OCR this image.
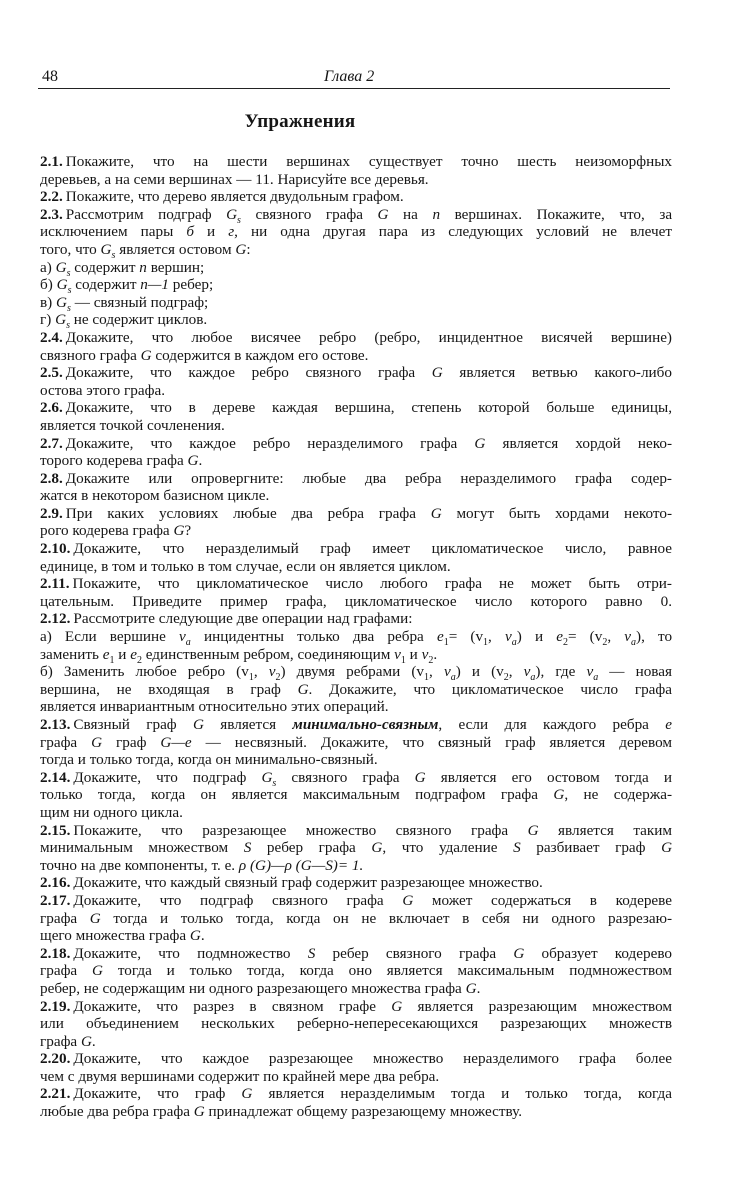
48	Глава 2
Упражнения
2.1. Покажите, что на шести вершинах существует точно шесть неизоморфных
деревьев, а на семи вершинах — 11. Нарисуйте все деревья.
2.2. Покажите, что дерево является двудольным графом.
2.3. Рассмотрим подграф $G_s$ связного графа G на n вершинах. Покажите, что, за
исключением пары б и г, ни одна другая пара из следующих условий не влечет
того, что $G_s$ является остовом G:
а) $G_s$ содержит n вершин;
б) $G_s$ содержит n—1 ребер;
в) $G_s$ — связный подграф;
г) $G_s$ не содержит циклов.
2.4. Докажите, что любое висячее ребро (ребро, инцидентное висячей вершине)
связного графа G содержится в каждом его остове.
2.5. Докажите, что каждое ребро связного графа G является ветвью какого-либо
остова этого графа.
2.6. Докажите, что в дереве каждая вершина, степень которой больше единицы,
является точкой сочленения.
2.7. Докажите, что каждое ребро неразделимого графа G является хордой неко-
торого кодерева графа G.
2.8. Докажите или опровергните: любые два ребра неразделимого графа содер-
жатся в некотором базисном цикле.
2.9. При каких условиях любые два ребра графа G могут быть хордами некото-
рого кодерева графа G?
2.10. Докажите, что неразделимый граф имеет цикломатическое число, равное
единице, в том и только в том случае, если он является циклом.
2.11. Покажите, что цикломатическое число любого графа не может быть отри-
цательным. Приведите пример графа, цикломатическое число которого равно 0.
2.12. Рассмотрите следующие две операции над графами:
а) Если вершине $v_a$ инцидентны только два ребра $e_1= (v_1$, $v_a$) и $e_2= (v_2$, $v_a$), то
заменить $e_1$ и $e_2$ единственным ребром, соединяющим $v_1$ и $v_2$.
б) Заменить любое ребро ($v_1$, $v_2$) двумя ребрами ($v_1$, $v_a$) и ($v_2$, $v_a$), где $v_a$ — новая
вершина, не входящая в граф G. Докажите, что цикломатическое число графа
является инвариантным относительно этих операций.
2.13. Связный граф G является минимально-связным, если для каждого ребра e
графа G граф G—e — несвязный. Докажите, что связный граф является деревом
тогда и только тогда, когда он минимально-связный.
2.14. Докажите, что подграф $G_s$ связного графа G является его остовом тогда и
только тогда, когда он является максимальным подграфом графа G, не содержа-
щим ни одного цикла.
2.15. Покажите, что разрезающее множество связного графа G является таким
минимальным множеством S ребер графа G, что удаление S разбивает граф G
точно на две компоненты, т. е. ρ (G)—ρ (G—S)= 1.
2.16. Докажите, что каждый связный граф содержит разрезающее множество.
2.17. Докажите, что подграф связного графа G может содержаться в кодереве
графа G тогда и только тогда, когда он не включает в себя ни одного разрезаю-
щего множества графа G.
2.18. Докажите, что подмножество S ребер связного графа G образует кодерево
графа G тогда и только тогда, когда оно является максимальным подмножеством
ребер, не содержащим ни одного разрезающего множества графа G.
2.19. Докажите, что разрез в связном графе G является разрезающим множеством
или объединением нескольких реберно-непересекающихся разрезающих множеств
графа G.
2.20. Докажите, что каждое разрезающее множество неразделимого графа более
чем с двумя вершинами содержит по крайней мере два ребра.
2.21. Докажите, что граф G является неразделимым тогда и только тогда, когда
любые два ребра графа G принадлежат общему разрезающему множеству.
